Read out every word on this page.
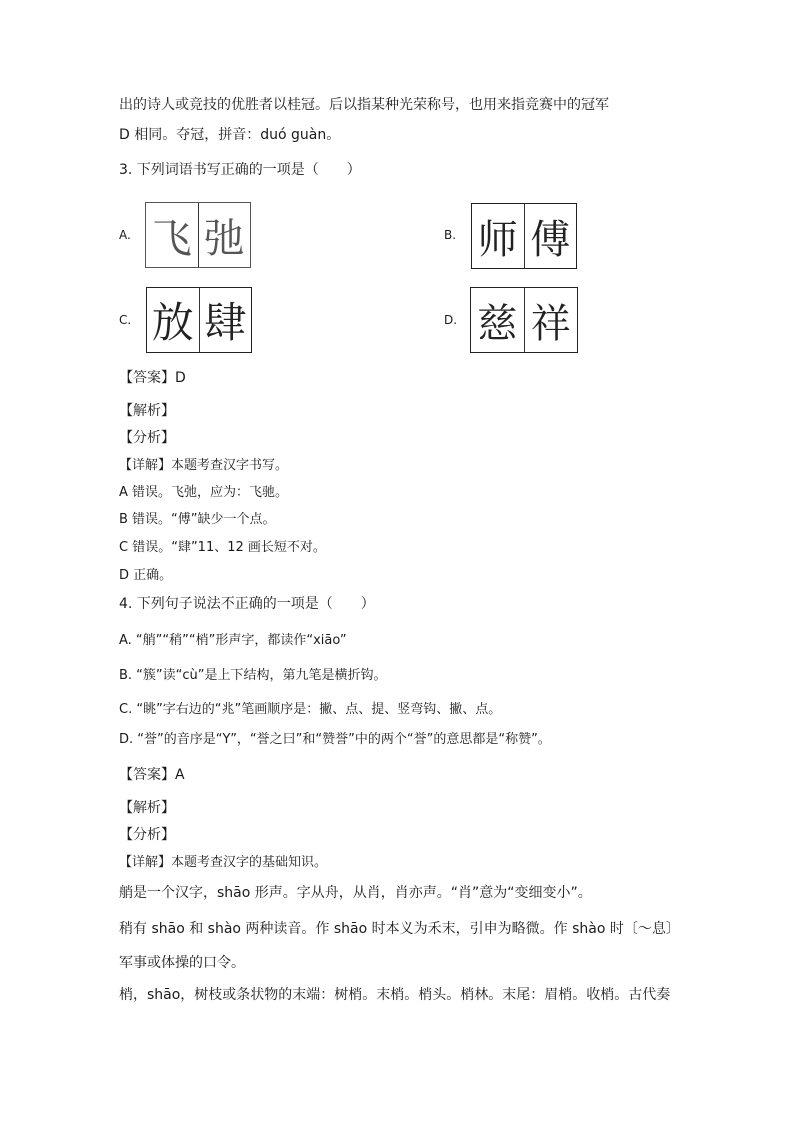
出的诗人或竞技的优胜者以桂冠。后以指某种光荣称号，也用来指竞赛中的冠军
D 相同。夺冠，拼音：duó guàn。
3. 下列词语书写正确的一项是（　　）
A. 飞 弛	B. 师 傅
C. 放 肆	D. 慈 祥
【答案】D
【解析】
【分析】
【详解】本题考查汉字书写。
A 错误。飞弛，应为：飞驰。
B 错误。“傅”缺少一个点。
C 错误。“肆”11、12 画长短不对。
D 正确。
4. 下列句子说法不正确的一项是（　　）
A. “艄”“稍”“梢”形声字，都读作“xiāo”
B. “簇”读“cù”是上下结构，第九笔是横折钩。
C. “眺”字右边的“兆”笔画顺序是：撇、点、提、竖弯钩、撇、点。
D. “誉”的音序是“Y”，“誉之曰”和“赞誉”中的两个“誉”的意思都是“称赞”。
【答案】A
【解析】
【分析】
【详解】本题考查汉字的基础知识。
艄是一个汉字，shāo 形声。字从舟，从肖，肖亦声。“肖”意为“变细变小”。
稍有 shāo 和 shào 两种读音。作 shāo 时本义为禾末，引申为略微。作 shào 时〔～息〕
军事或体操的口令。
梢，shāo，树枝或条状物的末端：树梢。末梢。梢头。梢林。末尾：眉梢。收梢。古代奏
